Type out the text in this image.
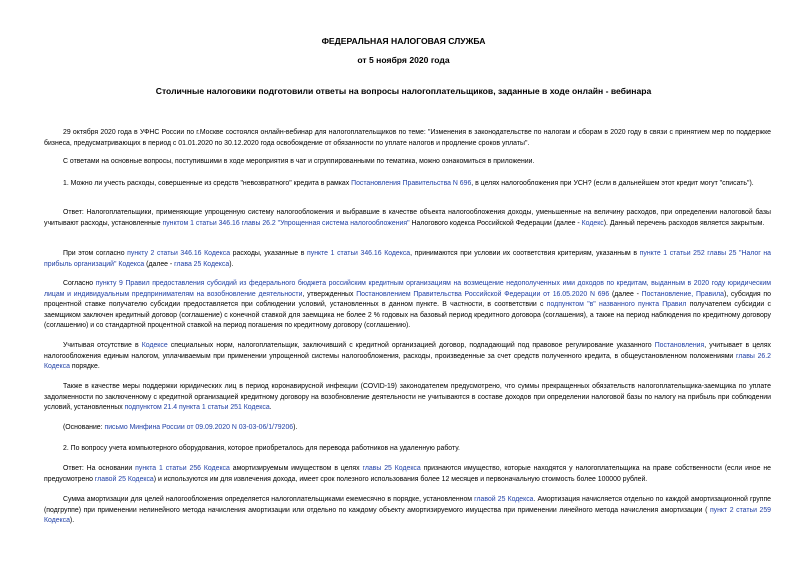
ФЕДЕРАЛЬНАЯ НАЛОГОВАЯ СЛУЖБА
от 5 ноября 2020 года
Столичные налоговики подготовили ответы на вопросы налогоплательщиков, заданные в ходе онлайн - вебинара

29 октября 2020 года в УФНС России по г.Москве состоялся онлайн-вебинар для налогоплательщиков по теме: "Изменения в законодательстве по налогам и сборам в 2020 году в связи с принятием мер по поддержке бизнеса, предусматривающих в период с 01.01.2020 по 30.12.2020 года освобождение от обязанности по уплате налогов и продление сроков уплаты".

С ответами на основные вопросы, поступившими в ходе мероприятия в чат и сгруппированными по тематика, можно ознакомиться в приложении.

1. Можно ли учесть расходы, совершенные из средств "невозвратного" кредита в рамках Постановления Правительства N 696, в целях налогообложения при УСН? (если в дальнейшем этот кредит могут "списать").

Ответ: Налогоплательщики, применяющие упрощенную систему налогообложения и выбравшие в качестве объекта налогообложения доходы, уменьшенные на величину расходов, при определении налоговой базы учитывают расходы, установленные пунктом 1 статьи 346.16 главы 26.2 "Упрощенная система налогообложения" Налогового кодекса Российской Федерации (далее - Кодекс). Данный перечень расходов является закрытым.

При этом согласно пункту 2 статьи 346.16 Кодекса расходы, указанные в пункте 1 статьи 346.16 Кодекса, принимаются при условии их соответствия критериям, указанным в пункте 1 статьи 252 главы 25 "Налог на прибыль организаций" Кодекса (далее - глава 25 Кодекса).

Согласно пункту 9 Правил предоставления субсидий из федерального бюджета российским кредитным организациям на возмещение недополученных ими доходов по кредитам, выданным в 2020 году юридическим лицам и индивидуальным предпринимателям на возобновление деятельности, утвержденных Постановлением Правительства Российской Федерации от 16.05.2020 N 696 (далее - Постановление, Правила), субсидия по процентной ставке получателю субсидии предоставляется при соблюдении условий, установленных в данном пункте. В частности, в соответствии с подпунктом "в" названного пункта Правил получателем субсидии с заемщиком заключен кредитный договор (соглашение) с конечной ставкой для заемщика не более 2 % годовых на базовый период кредитного договора (соглашения), а также на период наблюдения по кредитному договору (соглашению) и со стандартной процентной ставкой на период погашения по кредитному договору (соглашению).

Учитывая отсутствие в Кодексе специальных норм, налогоплательщик, заключивший с кредитной организацией договор, подпадающий под правовое регулирование указанного Постановления, учитывает в целях налогообложения единым налогом, уплачиваемым при применении упрощенной системы налогообложения, расходы, произведенные за счет средств полученного кредита, в общеустановленном положениями главы 26.2 Кодекса порядке.

Также в качестве меры поддержки юридических лиц в период коронавирусной инфекции (COVID-19) законодателем предусмотрено, что суммы прекращенных обязательств налогоплательщика-заемщика по уплате задолженности по заключенному с кредитной организацией кредитному договору на возобновление деятельности не учитываются в составе доходов при определении налоговой базы по налогу на прибыль при соблюдении условий, установленных подпунктом 21.4 пункта 1 статьи 251 Кодекса.

(Основание: письмо Минфина России от 09.09.2020 N 03-03-06/1/79206).

2. По вопросу учета компьютерного оборудования, которое приобреталось для перевода работников на удаленную работу.

Ответ: На основании пункта 1 статьи 256 Кодекса амортизируемым имуществом в целях главы 25 Кодекса признаются имущество, которые находятся у налогоплательщика на праве собственности (если иное не предусмотрено главой 25 Кодекса) и используются им для извлечения дохода, имеет срок полезного использования более 12 месяцев и первоначальную стоимость более 100000 рублей.

Сумма амортизации для целей налогообложения определяется налогоплательщиками ежемесячно в порядке, установленном главой 25 Кодекса. Амортизация начисляется отдельно по каждой амортизационной группе (подгруппе) при применении нелинейного метода начисления амортизации или отдельно по каждому объекту амортизируемого имущества при применении линейного метода начисления амортизации ( пункт 2 статьи 259 Кодекса).
